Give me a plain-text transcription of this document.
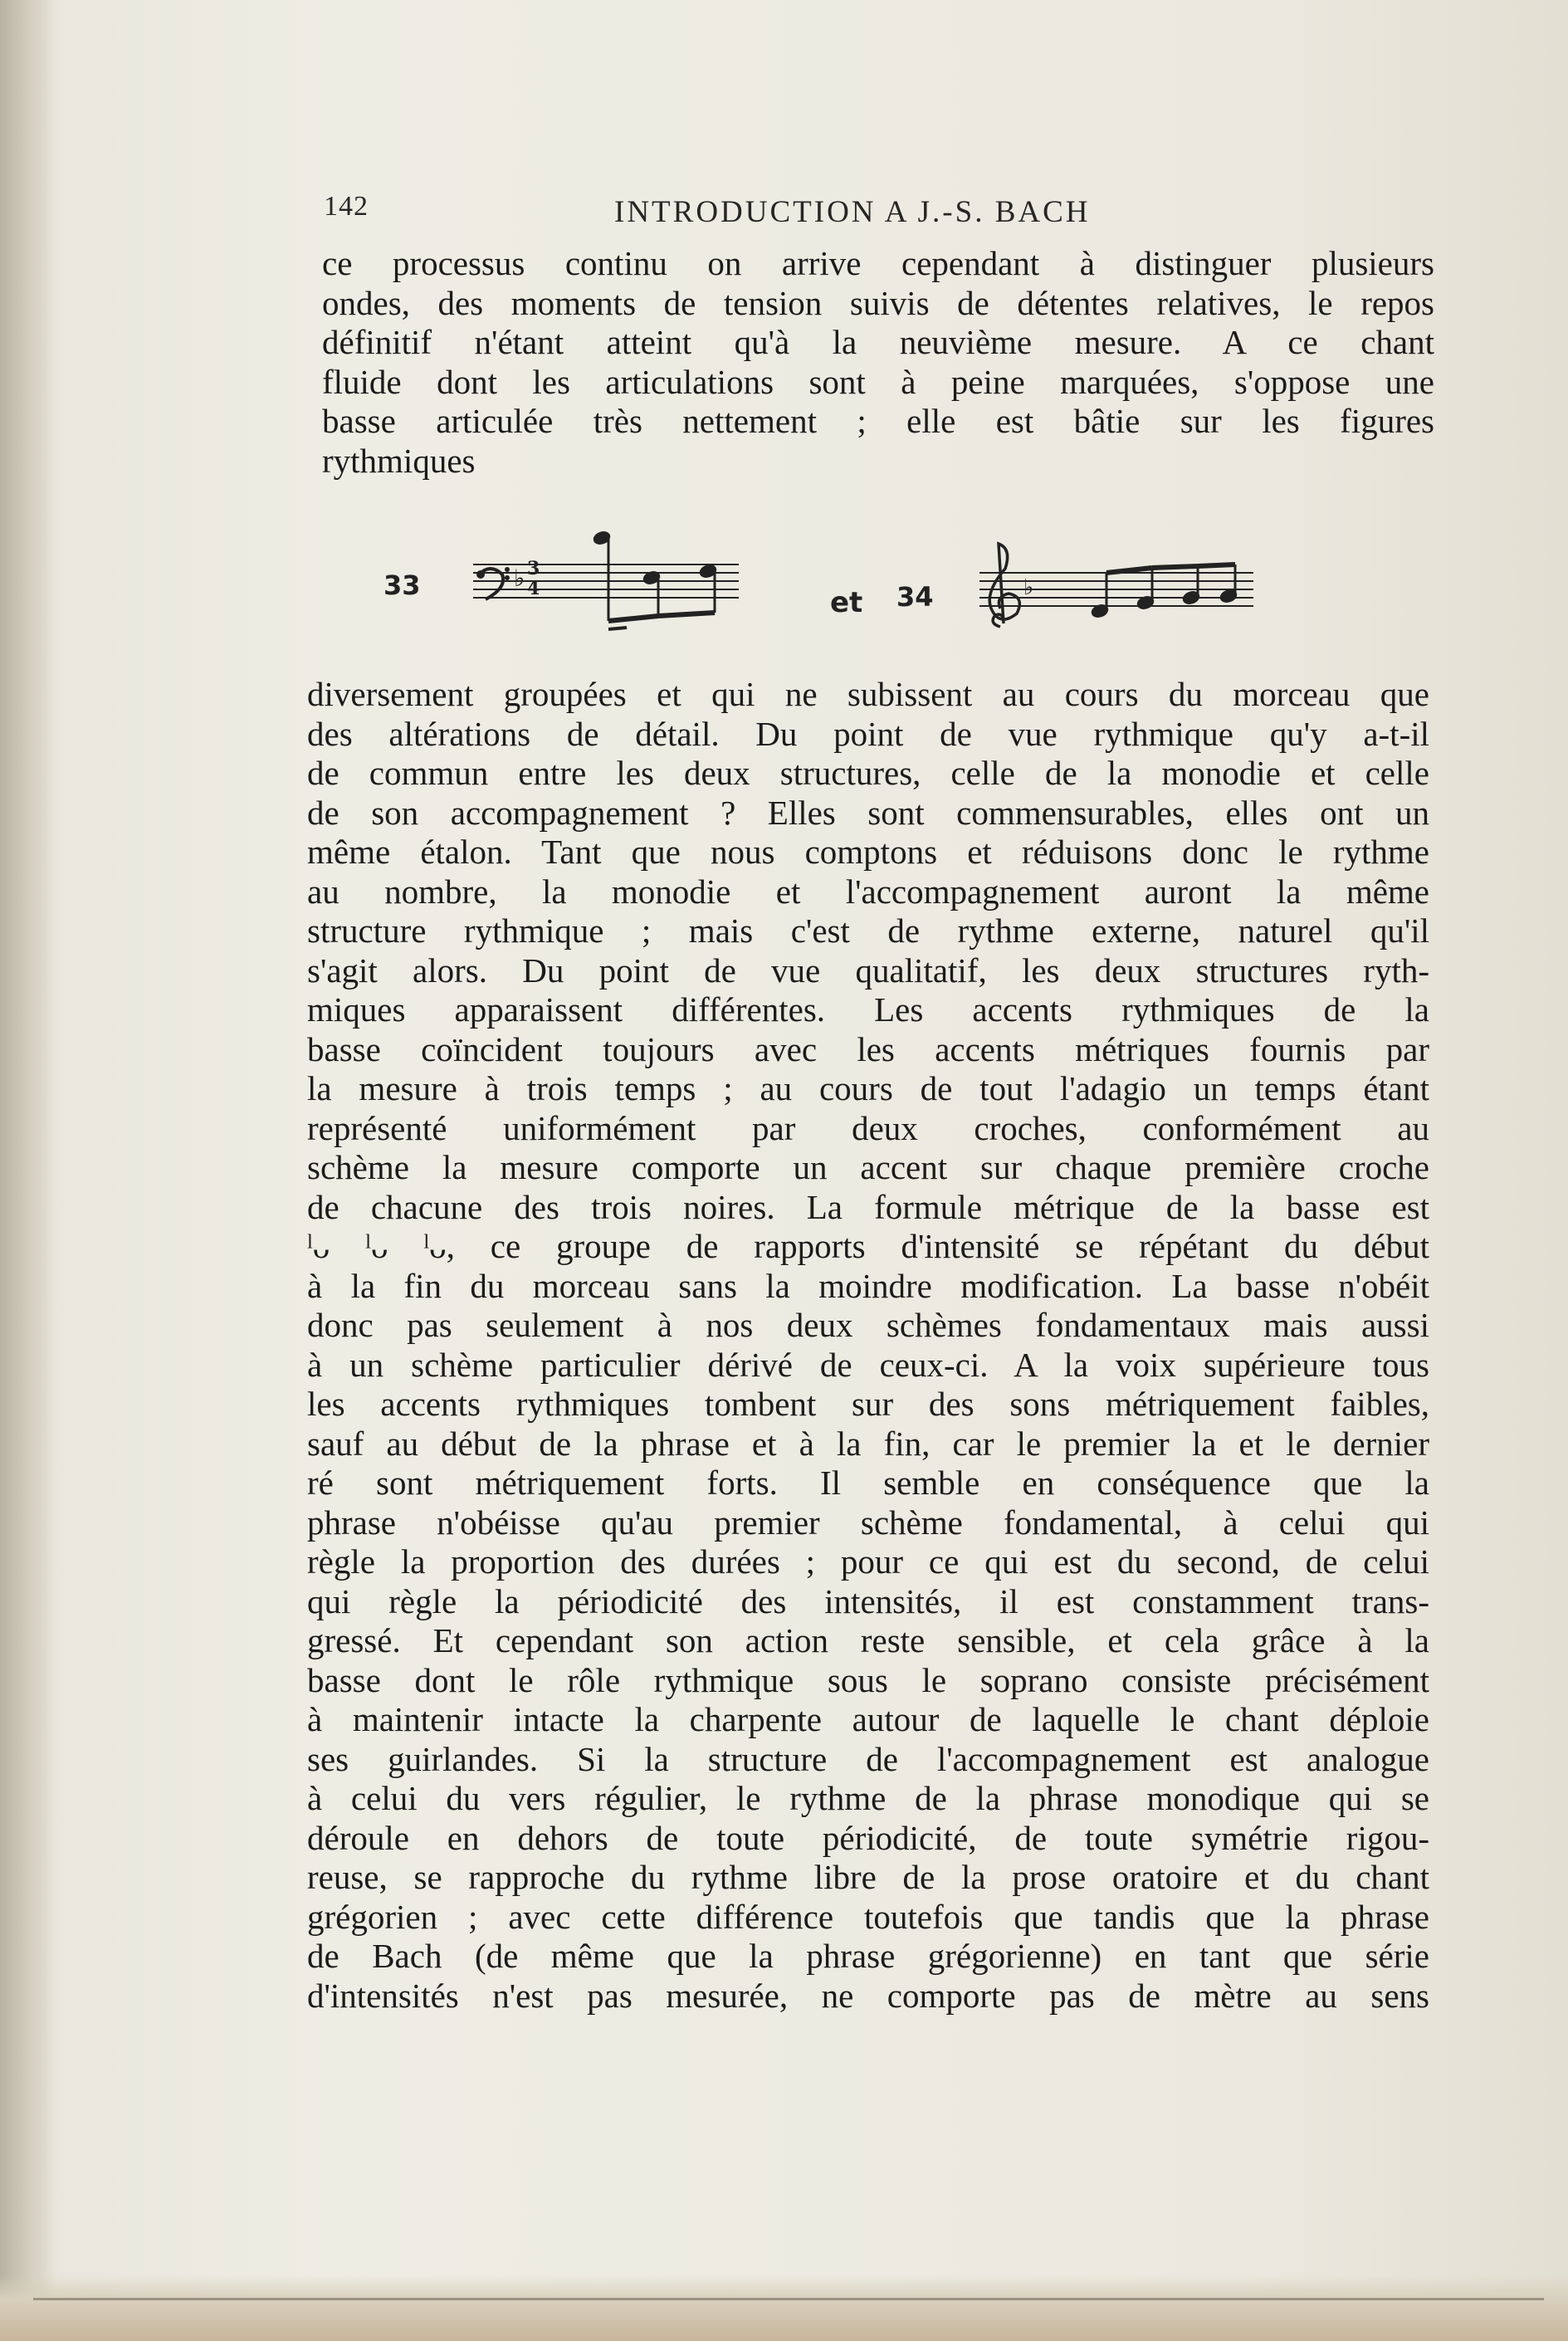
142	INTRODUCTION A J.-S. BACH
ce processus continu on arrive cependant à distinguer plusieurs
ondes, des moments de tension suivis de détentes relatives, le repos
définitif n'étant atteint qu'à la neuvième mesure. A ce chant
fluide dont les articulations sont à peine marquées, s'oppose une
basse articulée très nettement ; elle est bâtie sur les figures
rythmiques
33	♭ 3
4	et 34	♭
diversement groupées et qui ne subissent au cours du morceau que
des altérations de détail. Du point de vue rythmique qu'y a-t-il
de commun entre les deux structures, celle de la monodie et celle
de son accompagnement ? Elles sont commensurables, elles ont un
même étalon. Tant que nous comptons et réduisons donc le rythme
au nombre, la monodie et l'accompagnement auront la même
structure rythmique ; mais c'est de rythme externe, naturel qu'il
s'agit alors. Du point de vue qualitatif, les deux structures ryth-
miques apparaissent différentes. Les accents rythmiques de la
basse coïncident toujours avec les accents métriques fournis par
la mesure à trois temps ; au cours de tout l'adagio un temps étant
représenté uniformément par deux croches, conformément au
schème la mesure comporte un accent sur chaque première croche
de chacune des trois noires. La formule métrique de la basse est
ˡᴗ ˡᴗ ˡᴗ, ce groupe de rapports d'intensité se répétant du début
à la fin du morceau sans la moindre modification. La basse n'obéit
donc pas seulement à nos deux schèmes fondamentaux mais aussi
à un schème particulier dérivé de ceux-ci. A la voix supérieure tous
les accents rythmiques tombent sur des sons métriquement faibles,
sauf au début de la phrase et à la fin, car le premier la et le dernier
ré sont métriquement forts. Il semble en conséquence que la
phrase n'obéisse qu'au premier schème fondamental, à celui qui
règle la proportion des durées ; pour ce qui est du second, de celui
qui règle la périodicité des intensités, il est constamment trans-
gressé. Et cependant son action reste sensible, et cela grâce à la
basse dont le rôle rythmique sous le soprano consiste précisément
à maintenir intacte la charpente autour de laquelle le chant déploie
ses guirlandes. Si la structure de l'accompagnement est analogue
à celui du vers régulier, le rythme de la phrase monodique qui se
déroule en dehors de toute périodicité, de toute symétrie rigou-
reuse, se rapproche du rythme libre de la prose oratoire et du chant
grégorien ; avec cette différence toutefois que tandis que la phrase
de Bach (de même que la phrase grégorienne) en tant que série
d'intensités n'est pas mesurée, ne comporte pas de mètre au sens
